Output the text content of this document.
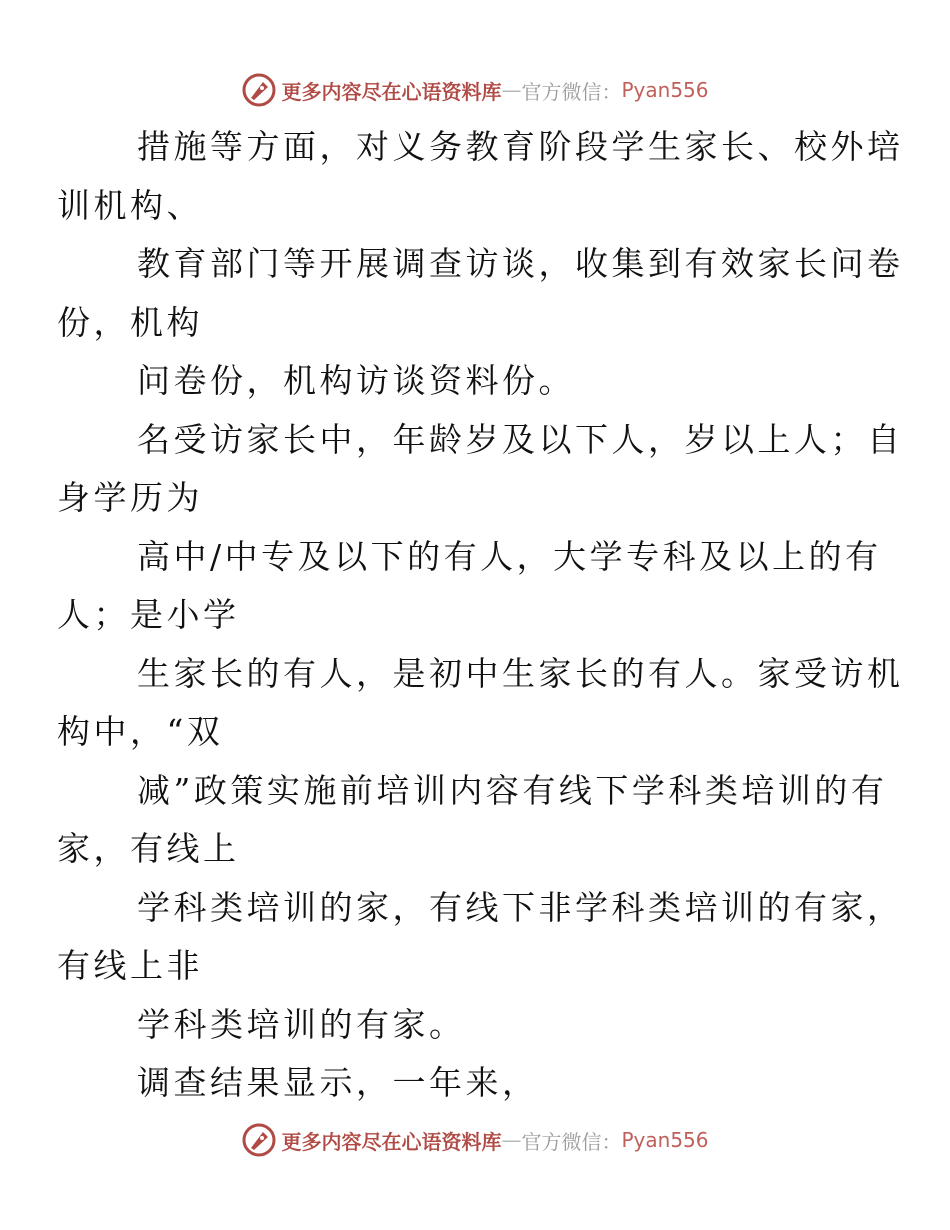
更多内容尽在心语资料库 — 官方微信： Pyan556

措施等方面，对义务教育阶段学生家长、校外培
训机构、

教育部门等开展调查访谈，收集到有效家长问卷
份，机构

问卷份，机构访谈资料份。

名受访家长中，年龄岁及以下人，岁以上人；自
身学历为

高中/中专及以下的有人，大学专科及以上的有
人；是小学

生家长的有人，是初中生家长的有人。家受访机
构中，“双

减”政策实施前培训内容有线下学科类培训的有
家，有线上

学科类培训的家，有线下非学科类培训的有家，
有线上非

学科类培训的有家。

调查结果显示，一年来，

更多内容尽在心语资料库 — 官方微信： Pyan556
